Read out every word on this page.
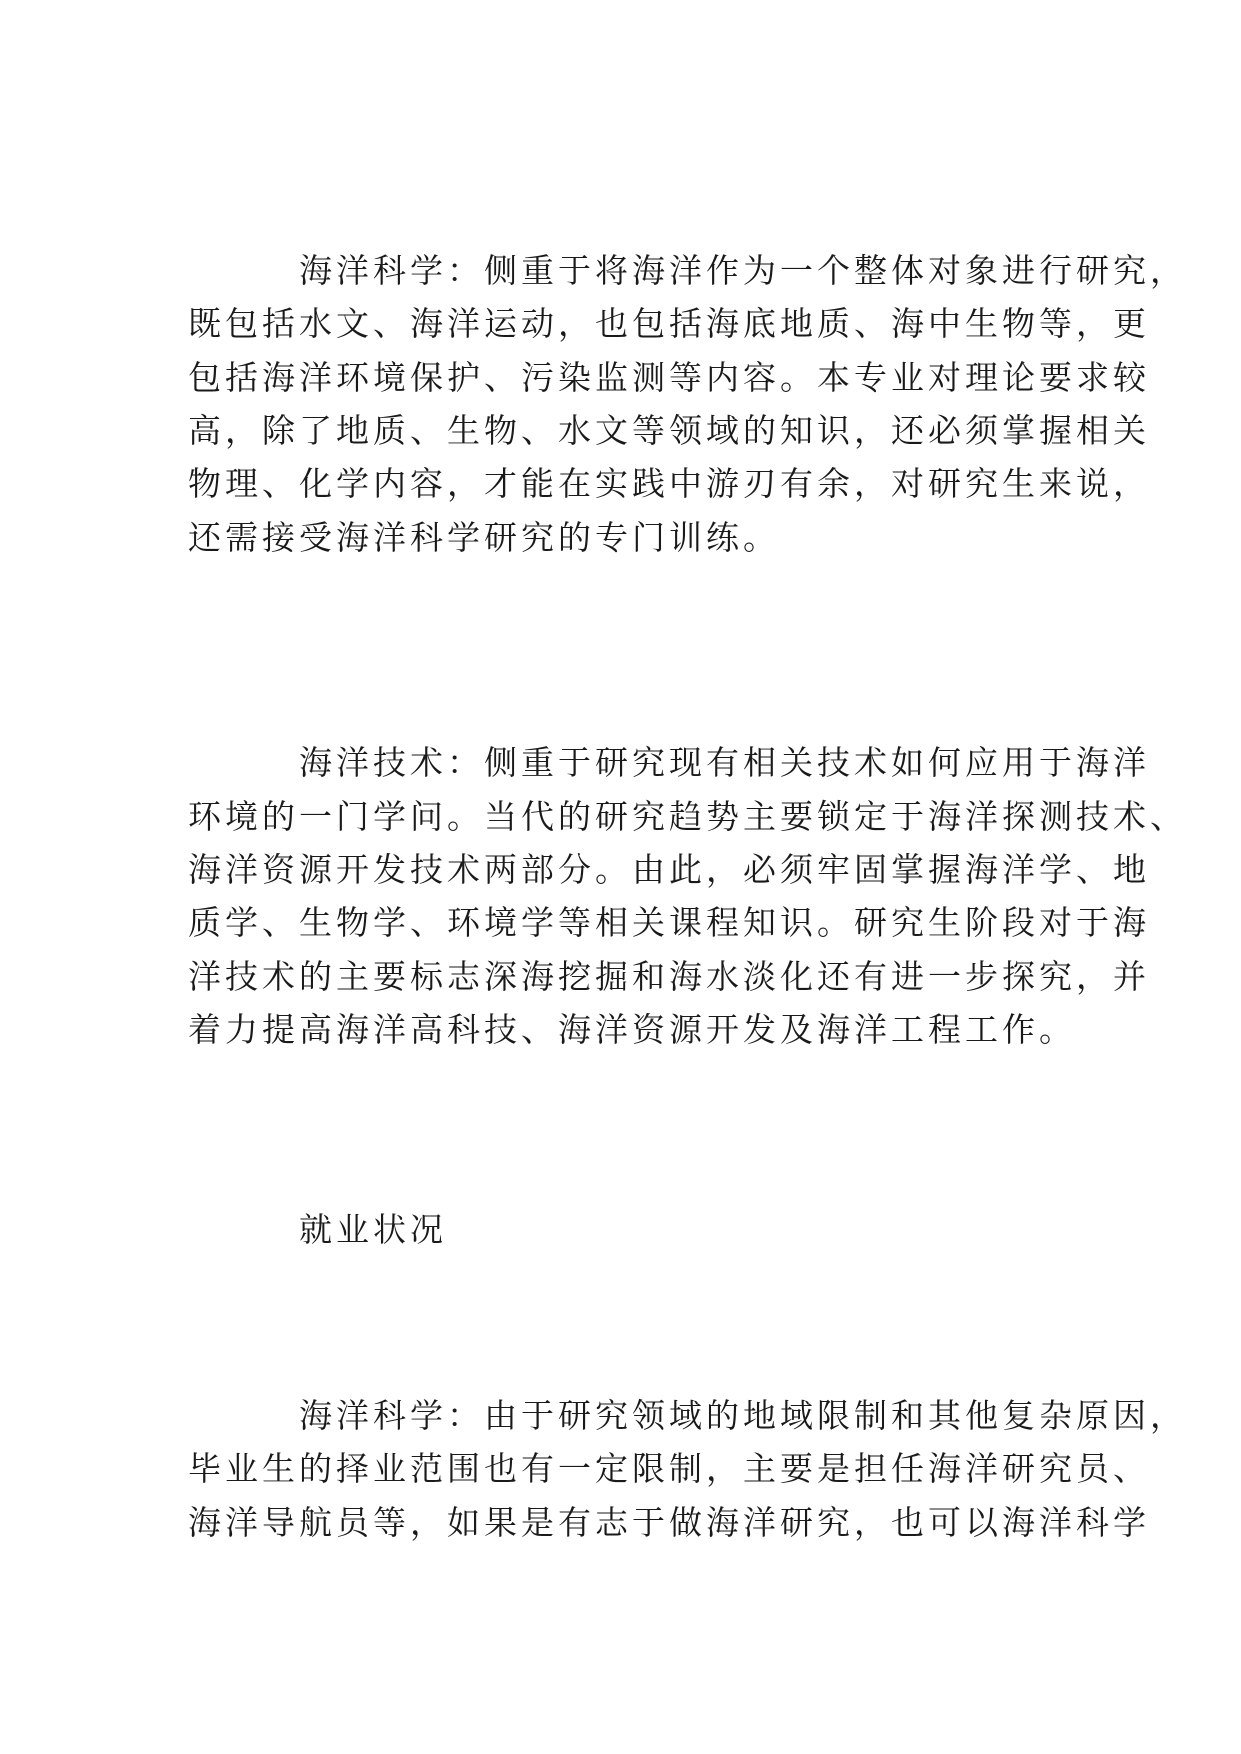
海洋科学：侧重于将海洋作为一个整体对象进行研究，
既包括水文、海洋运动，也包括海底地质、海中生物等，更
包括海洋环境保护、污染监测等内容。本专业对理论要求较
高，除了地质、生物、水文等领域的知识，还必须掌握相关
物理、化学内容，才能在实践中游刃有余，对研究生来说，
还需接受海洋科学研究的专门训练。
海洋技术：侧重于研究现有相关技术如何应用于海洋
环境的一门学问。当代的研究趋势主要锁定于海洋探测技术、
海洋资源开发技术两部分。由此，必须牢固掌握海洋学、地
质学、生物学、环境学等相关课程知识。研究生阶段对于海
洋技术的主要标志深海挖掘和海水淡化还有进一步探究，并
着力提高海洋高科技、海洋资源开发及海洋工程工作。
就业状况
海洋科学：由于研究领域的地域限制和其他复杂原因，
毕业生的择业范围也有一定限制，主要是担任海洋研究员、
海洋导航员等，如果是有志于做海洋研究，也可以海洋科学
